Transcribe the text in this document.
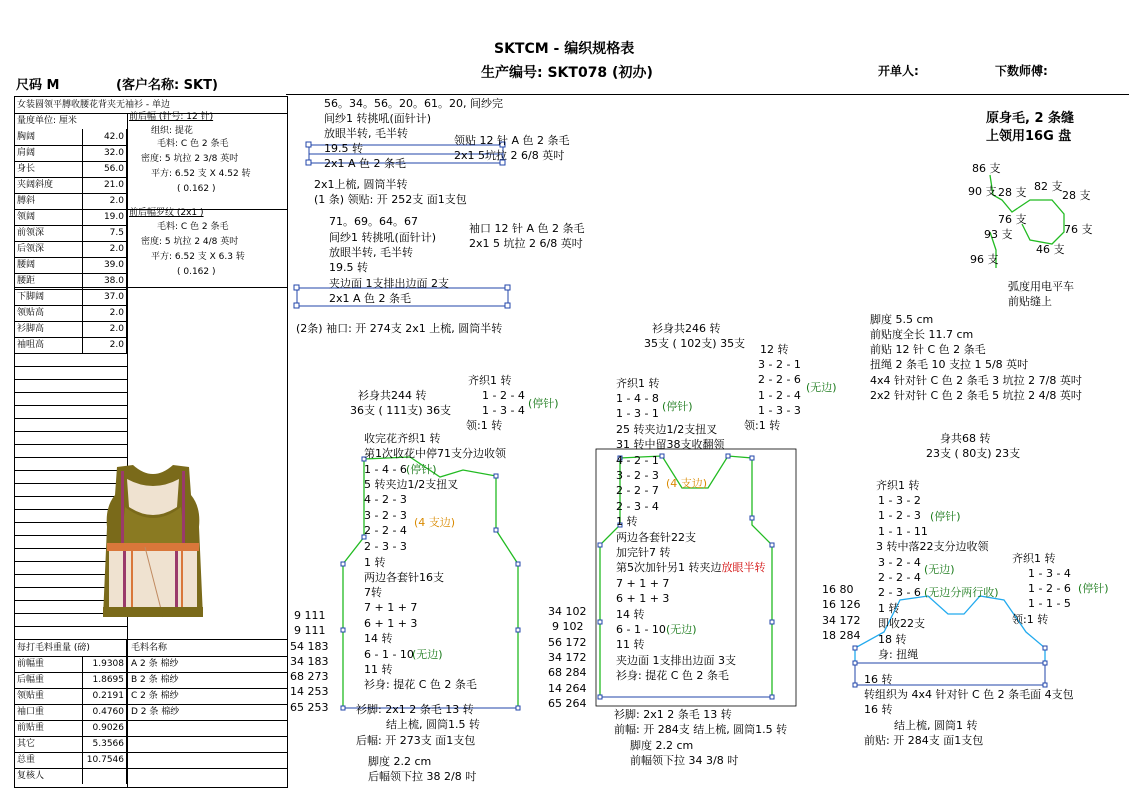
SKTCM - 编织规格表
生产编号: SKT078 (初办)	开单人:	下数师傅:
尺码 M	(客户名称: SKT)
女装圆领平膊收腰花背夹无袖衫 - 单边
量度单位: 厘米
胸阔	42.0
肩阔	32.0
身长	56.0
夹阔斜度	21.0
膊斜	2.0
领阔	19.0
前领深	7.5
后领深	2.0
腰阔	39.0
腰距	38.0
下脚阔	37.0
领贴高	2.0
衫脚高	2.0
袖咀高	2.0
前后幅 (针号: 12 针)
组织: 提花
毛料: C 色 2 条毛
密度: 5 坑拉 2 3/8 英吋
平方: 6.52 支 X 4.52 转
( 0.162 )
前后幅罗纹 (2x1 )
毛料: C 色 2 条毛
密度: 5 坑拉 2 4/8 英吋
平方: 6.52 支 X 6.3 转
( 0.162 )
每打毛料重量 (磅)	毛料名称
前幅重	1.9308 A 2 条 棉纱
后幅重	1.8695 B 2 条 棉纱
领贴重	0.2191 C 2 条 棉纱
袖口重	0.4760 D 2 条 棉纱
前贴重	0.9026
其它	5.3566
总重	10.7546
复核人
56。34。56。20。61。20, 间纱完
间纱1 转挑吼(面针计)
放眼半转, 毛半转
19.5 转
2x1 A 色 2 条毛
领贴 12 针 A 色 2 条毛
2x1 5坑拉 2 6/8 英吋
2x1上梳, 圆筒半转
(1 条) 领贴: 开 252支 面1支包
71。69。64。67
间纱1 转挑吼(面针计)
放眼半转, 毛半转
19.5 转
夹边面 1支排出边面 2支
2x1 A 色 2 条毛
袖口 12 针 A 色 2 条毛
2x1 5 坑拉 2 6/8 英吋
(2条) 袖口: 开 274支 2x1 上梳, 圆筒半转
原身毛, 2 条缝
上领用16G 盘
86 支
90 支 28 支 82 支
28 支
76 支
76 支
93 支
46 支
96 支
弧度用电平车
前贴缝上
脚度 5.5 cm
前贴度全长 11.7 cm
前贴 12 针 C 色 2 条毛
扭绳 2 条毛 10 支拉 1 5/8 英吋
4x4 针对针 C 色 2 条毛 3 坑拉 2 7/8 英吋
2x2 针对针 C 色 2 条毛 5 坑拉 2 4/8 英吋
衫身共244 转
36支 ( 111支) 36支
齐织1 转
1 - 2 - 4
1 - 3 - 4
(停针)
领:1 转
收完花齐织1 转
第1次收花中停71支分边收领
1 - 4 - 6 (停针)
5 转夹边1/2支扭叉
4 - 2 - 3
3 - 2 - 3
2 - 2 - 4
2 - 3 - 3
(4 支边)
1 转
两边各套针16支
7转
7 + 1 + 7
6 + 1 + 3
14 转
6 - 1 - 10
(无边)
11 转
衫身: 提花 C 色 2 条毛
9 111
9 111
54 183
34 183
68 273
14 253
65 253	衫脚: 2x1 2 条毛 13 转
结上梳, 圆筒1.5 转
后幅: 开 273支 面1支包
脚度 2.2 cm
后幅领下拉 38 2/8 吋
衫身共246 转
35支 ( 102支) 35支
齐织1 转
1 - 4 - 8
1 - 3 - 1
(停针)
25 转夹边1/2支扭叉
31 转中留38支收翻领
4 - 2 - 1
3 - 2 - 3
2 - 2 - 7
2 - 3 - 4
(4 支边)
1 转
两边各套针22支
加完针7 转
第5次加针另1 转夹边放眼半转
7 + 1 + 7
6 + 1 + 3
14 转
6 - 1 - 10 (无边)
11 转
夹边面 1支排出边面 3支
衫身: 提花 C 色 2 条毛
34 102
9 102
56 172
34 172
68 284
14 264
65 264
12 转
3 - 2 - 1
2 - 2 - 6
1 - 2 - 4
1 - 3 - 3
(无边)
领:1 转
衫脚: 2x1 2 条毛 13 转
前幅: 开 284支 结上梳, 圆筒1.5 转
脚度 2.2 cm
前幅领下拉 34 3/8 吋
身共68 转
23支 ( 80支) 23支
齐织1 转
1 - 3 - 2
1 - 2 - 3
1 - 1 - 11
(停针)
3 转中落22支分边收领
3 - 2 - 4
2 - 2 - 4
2 - 3 - 6
(无边)
(无边分两行收)
齐织1 转
1 - 3 - 4
1 - 2 - 6
1 - 1 - 5
(停针)
领:1 转
1 转
即收22支
18 转
身: 扭绳
16 80
16 126
34 172
18 284
16 转
转组织为 4x4 针对针 C 色 2 条毛面 4支包
16 转
结上梳, 圆筒1 转
前贴: 开 284支 面1支包
